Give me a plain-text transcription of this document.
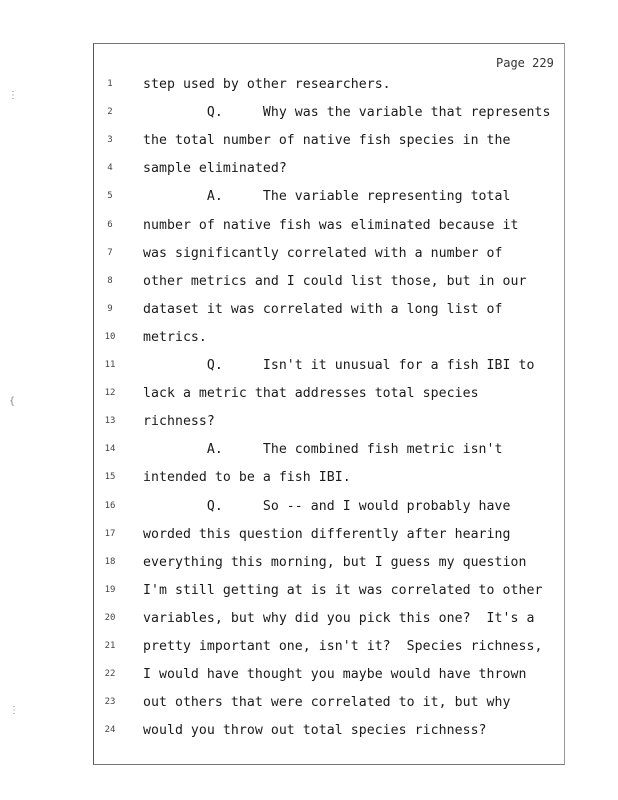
Page 229
1	step used by other researchers.
2	Q.     Why was the variable that represents
3	the total number of native fish species in the
4	sample eliminated?
5	A.     The variable representing total
6	number of native fish was eliminated because it
7	was significantly correlated with a number of
8	other metrics and I could list those, but in our
9	dataset it was correlated with a long list of
10	metrics.
11	Q.     Isn't it unusual for a fish IBI to
12	lack a metric that addresses total species
13	richness?
14	A.     The combined fish metric isn't
15	intended to be a fish IBI.
16	Q.     So -- and I would probably have
17	worded this question differently after hearing
18	everything this morning, but I guess my question
19	I'm still getting at is it was correlated to other
20	variables, but why did you pick this one?  It's a
21	pretty important one, isn't it?  Species richness,
22	I would have thought you maybe would have thrown
23	out others that were correlated to it, but why
24	would you throw out total species richness?
⋮
{
⋮
